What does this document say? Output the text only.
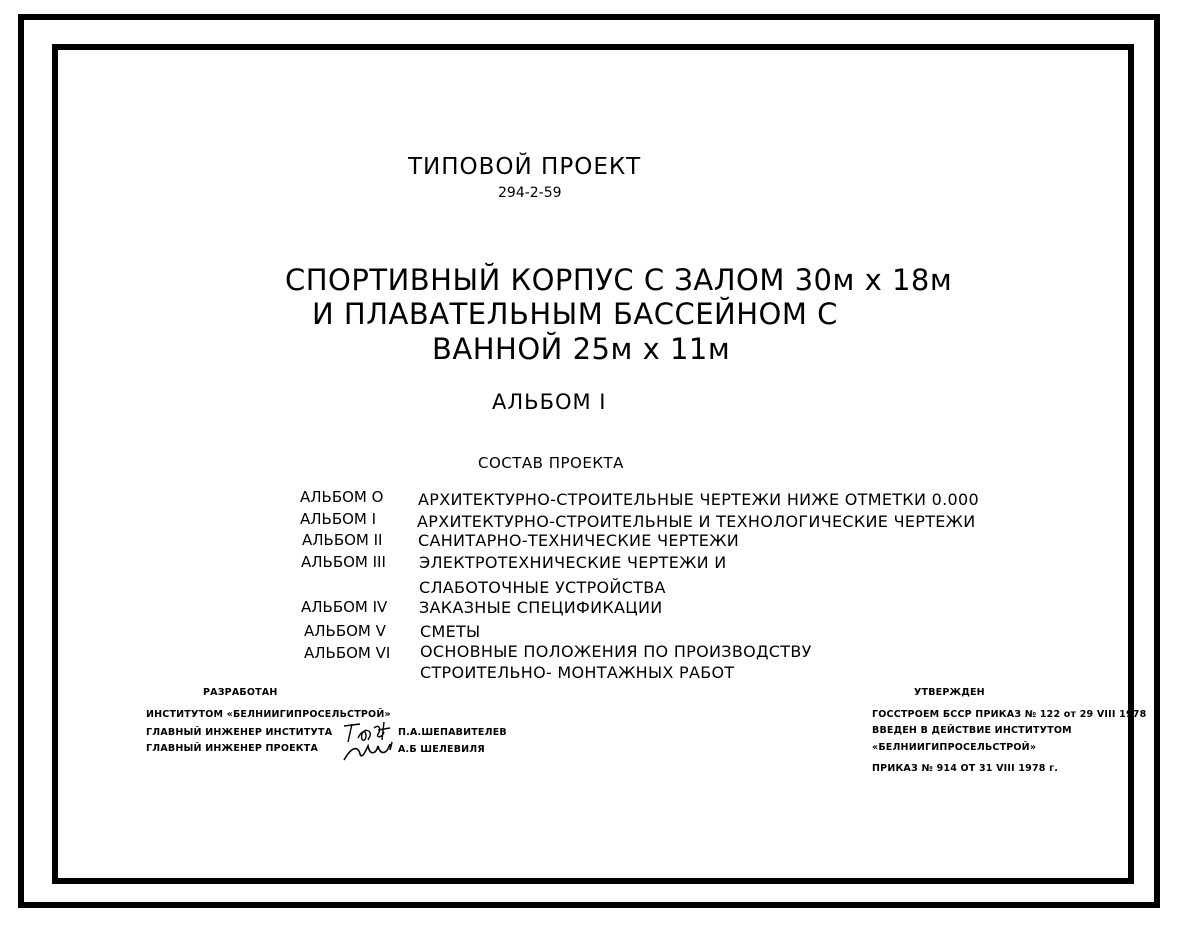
ТИПОВОЙ ПРОЕКТ
294-2-59
СПОРТИВНЫЙ КОРПУС С ЗАЛОМ 30м х 18м
И ПЛАВАТЕЛЬНЫМ БАССЕЙНОМ С
ВАННОЙ 25м х 11м
АЛЬБОМ I
СОСТАВ ПРОЕКТА
АЛЬБОМ О АРХИТЕКТУРНО-СТРОИТЕЛЬНЫЕ ЧЕРТЕЖИ НИЖЕ ОТМЕТКИ 0.000
АЛЬБОМ I	АРХИТЕКТУРНО-СТРОИТЕЛЬНЫЕ И ТЕХНОЛОГИЧЕСКИЕ ЧЕРТЕЖИ
АЛЬБОМ II САНИТАРНО-ТЕХНИЧЕСКИЕ ЧЕРТЕЖИ
АЛЬБОМ III ЭЛЕКТРОТЕХНИЧЕСКИЕ ЧЕРТЕЖИ И
СЛАБОТОЧНЫЕ УСТРОЙСТВА
АЛЬБОМ IV ЗАКАЗНЫЕ СПЕЦИФИКАЦИИ
АЛЬБОМ V СМЕТЫ
АЛЬБОМ VI ОСНОВНЫЕ ПОЛОЖЕНИЯ ПО ПРОИЗВОДСТВУ
СТРОИТЕЛЬНО- МОНТАЖНЫХ РАБОТ
РАЗРАБОТАН
ИНСТИТУТОМ «БЕЛНИИГИПРОСЕЛЬСТРОЙ»
ГЛАВНЫЙ ИНЖЕНЕР ИНСТИТУТА	П.А.ШЕПАВИТЕЛЕВ
ГЛАВНЫЙ ИНЖЕНЕР ПРОЕКТА	А.Б ШЕЛЕВИЛЯ
УТВЕРЖДЕН
ГОССТРОЕМ БССР ПРИКАЗ № 122 от 29 VIII 1978
ВВЕДЕН В ДЕЙСТВИЕ ИНСТИТУТОМ
«БЕЛНИИГИПРОСЕЛЬСТРОЙ»
ПРИКАЗ № 914 ОТ 31 VIII 1978 г.
